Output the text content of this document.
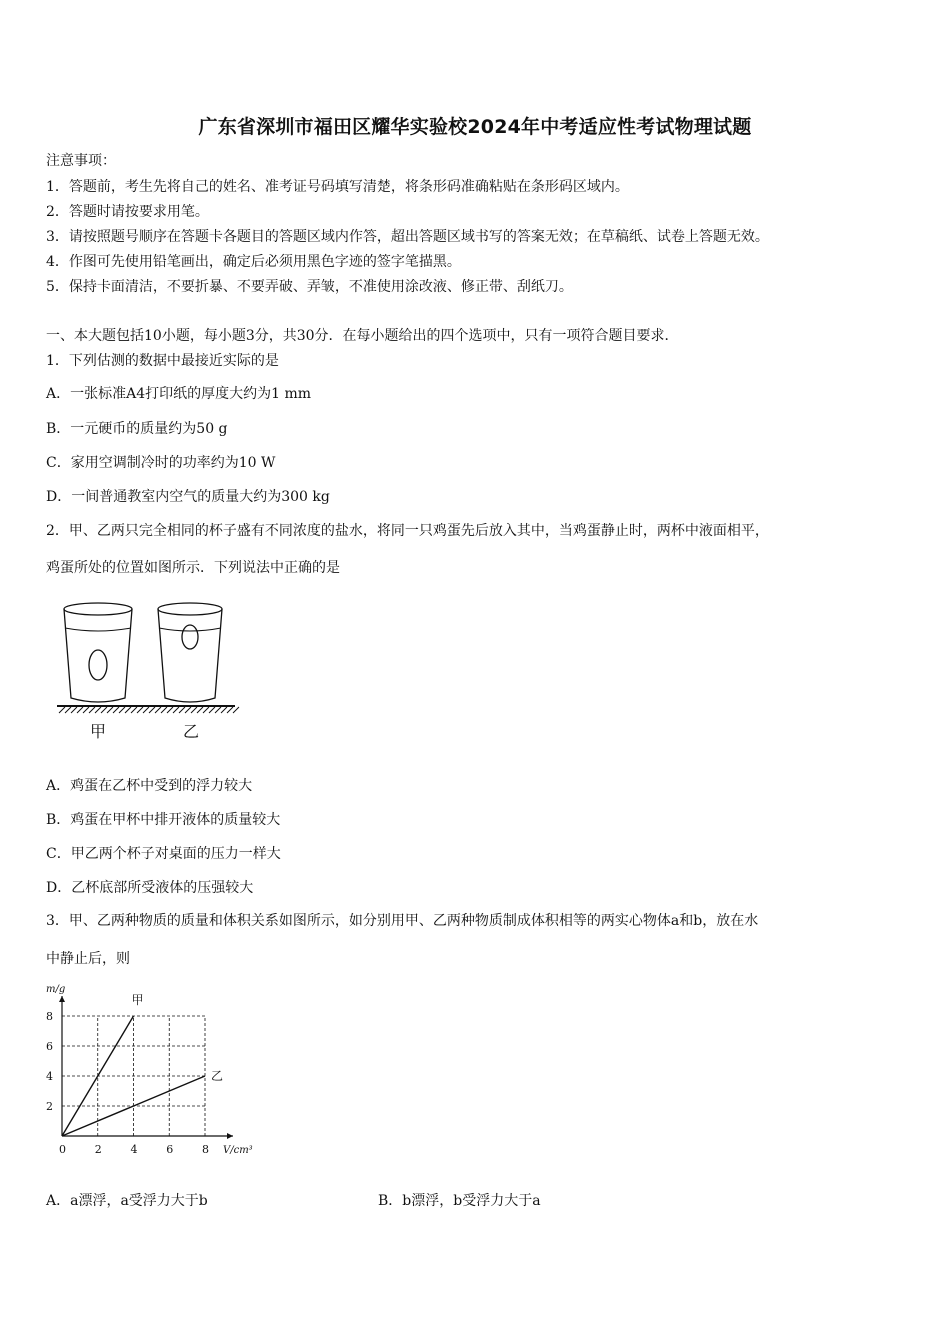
广东省深圳市福田区耀华实验校2024年中考适应性考试物理试题
注意事项：
1．答题前，考生先将自己的姓名、准考证号码填写清楚，将条形码准确粘贴在条形码区域内。
2．答题时请按要求用笔。
3．请按照题号顺序在答题卡各题目的答题区域内作答，超出答题区域书写的答案无效；在草稿纸、试卷上答题无效。
4．作图可先使用铅笔画出，确定后必须用黑色字迹的签字笔描黑。
5．保持卡面清洁，不要折暴、不要弄破、弄皱，不准使用涂改液、修正带、刮纸刀。
一、本大题包括10小题，每小题3分，共30分．在每小题给出的四个选项中，只有一项符合题目要求．
1．下列估测的数据中最接近实际的是
A．一张标准A4打印纸的厚度大约为1 mm
B．一元硬币的质量约为50 g
C．家用空调制冷时的功率约为10 W
D．一间普通教室内空气的质量大约为300 kg
2．甲、乙两只完全相同的杯子盛有不同浓度的盐水，将同一只鸡蛋先后放入其中，当鸡蛋静止时，两杯中液面相平，
鸡蛋所处的位置如图所示．下列说法中正确的是
甲	乙
A．鸡蛋在乙杯中受到的浮力较大
B．鸡蛋在甲杯中排开液体的质量较大
C．甲乙两个杯子对桌面的压力一样大
D．乙杯底部所受液体的压强较大
3．甲、乙两种物质的质量和体积关系如图所示，如分别用甲、乙两种物质制成体积相等的两实心物体a和b，放在水
中静止后，则
0	2	4	6	8
2
4
6
8
V/cm³
m/g
甲
乙
A．a漂浮，a受浮力大于b	B．b漂浮，b受浮力大于a
